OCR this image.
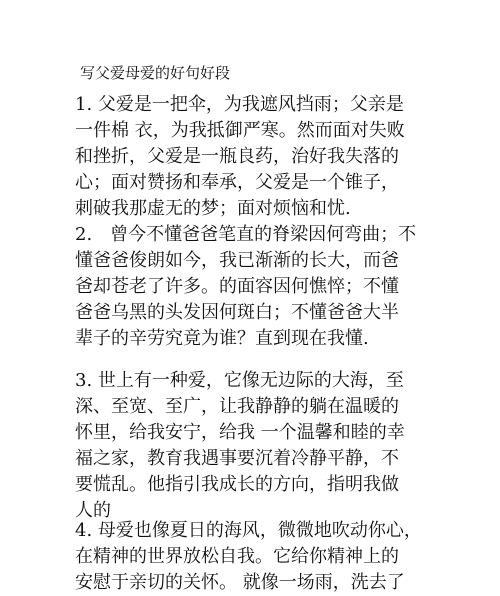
写父爱母爱的好句好段
1. 父爱是一把伞，为我遮风挡雨；父亲是
一件棉 衣，为我抵御严寒。然而面对失败
和挫折，父爱是一瓶良药，治好我失落的
心；面对赞扬和奉承，父爱是一个锥子，
刺破我那虚无的梦；面对烦恼和忧.
2.　曾今不懂爸爸笔直的脊梁因何弯曲；不
懂爸爸俊朗如今，我已渐渐的长大，而爸
爸却苍老了许多。的面容因何憔悴；不懂
爸爸乌黑的头发因何斑白；不懂爸爸大半
辈子的辛劳究竟为谁？直到现在我懂.
3. 世上有一种爱，它像无边际的大海，至
深、至宽、至广，让我静静的躺在温暖的
怀里，给我安宁，给我 一个温馨和睦的幸
福之家，教育我遇事要沉着冷静平静，不
要慌乱。他指引我成长的方向，指明我做
人的
4. 母爱也像夏日的海风，微微地吹动你心，
在精神的世界放松自我。它给你精神上的
安慰于亲切的关怀。 就像一场雨，洗去了
